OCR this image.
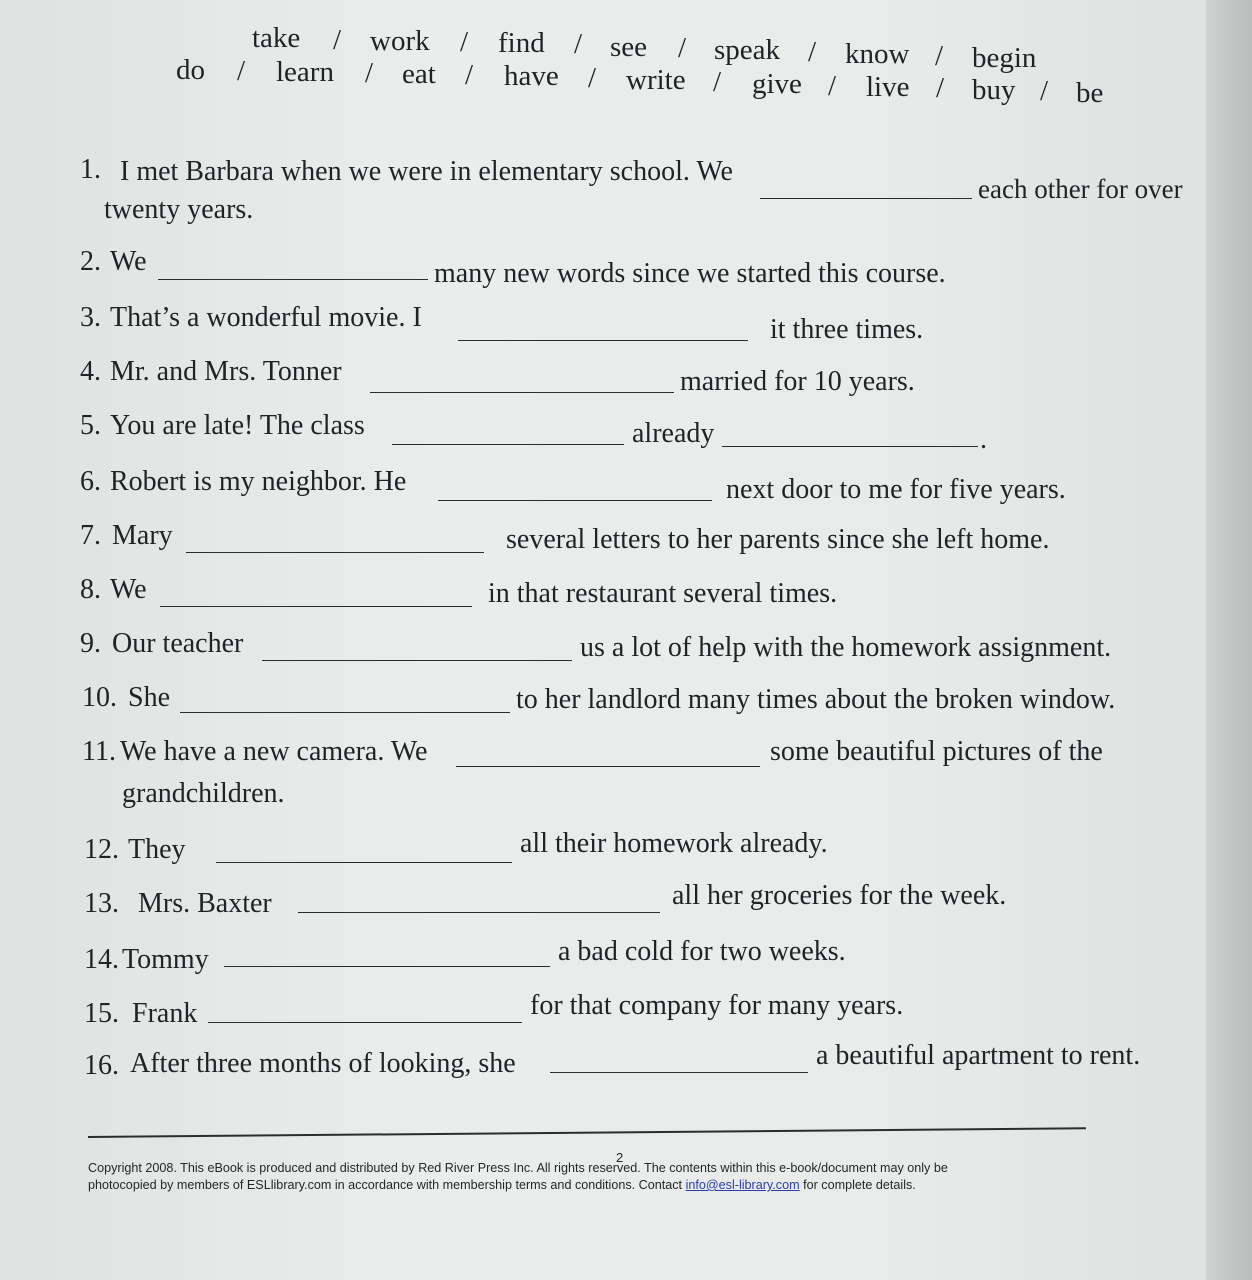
take / work / find / see / speak / know / begin
do / learn / eat / have / write / give / live / buy / be
1. I met Barbara when we were in elementary school. We
each other for over
twenty years.
2. We	many new words since we started this course.
3. That’s a wonderful movie. I	it three times.
4. Mr. and Mrs. Tonner	married for 10 years.
5. You are late! The class	already	.
6. Robert is my neighbor. He	next door to me for five years.
7. Mary	several letters to her parents since she left home.
8. We	in that restaurant several times.
9. Our teacher	us a lot of help with the homework assignment.
10. She	to her landlord many times about the broken window.
11. We have a new camera. We	some beautiful pictures of the
grandchildren.
12. They	all their homework already.
13. Mrs. Baxter	all her groceries for the week.
14. Tommy	a bad cold for two weeks.
15. Frank	for that company for many years.
16. After three months of looking, she	a beautiful apartment to rent.
2
Copyright 2008. This eBook is produced and distributed by Red River Press Inc. All rights reserved. The contents within this e-book/document may only be
photocopied by members of ESLlibrary.com in accordance with membership terms and conditions. Contact info@esl-library.com for complete details.
